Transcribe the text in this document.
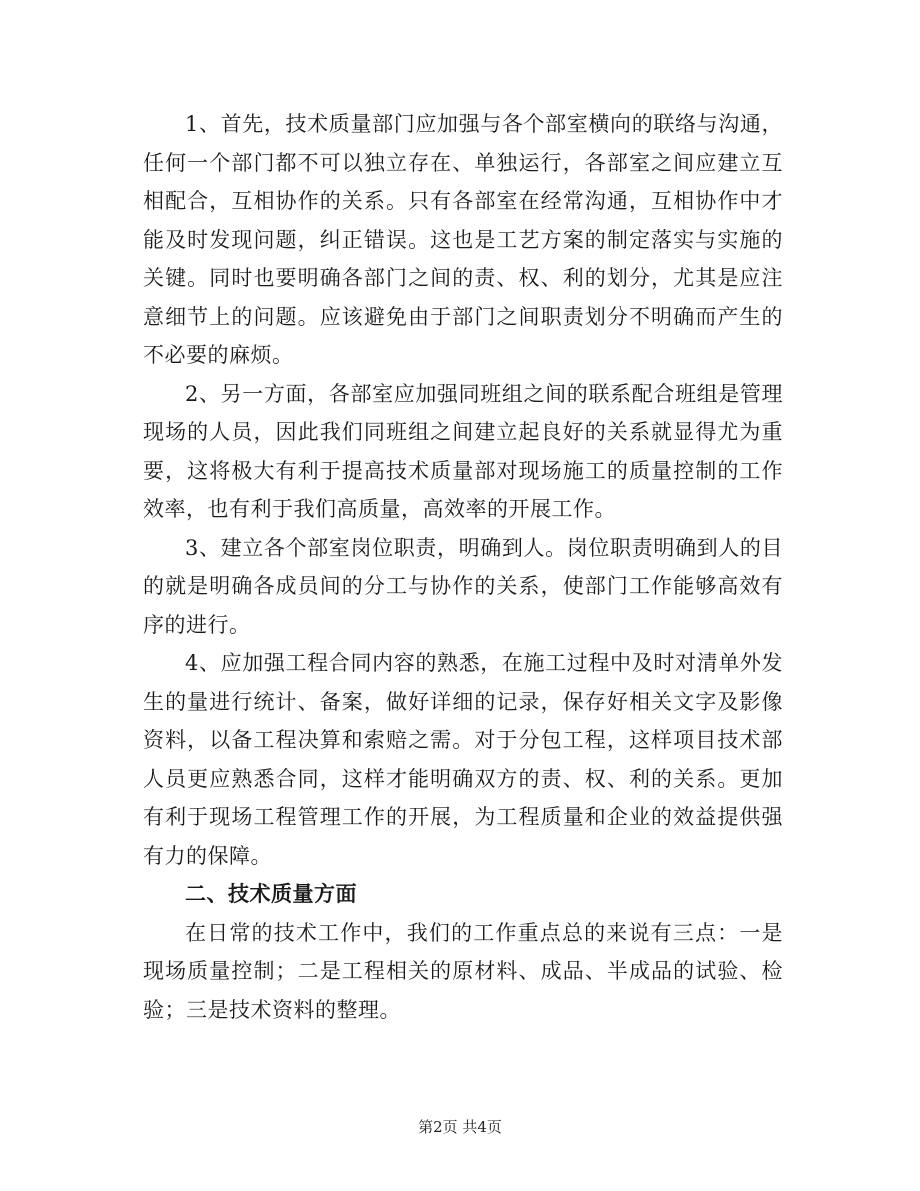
1、首先，技术质量部门应加强与各个部室横向的联络与沟通，任何一个部门都不可以独立存在、单独运行，各部室之间应建立互相配合，互相协作的关系。只有各部室在经常沟通，互相协作中才能及时发现问题，纠正错误。这也是工艺方案的制定落实与实施的关键。同时也要明确各部门之间的责、权、利的划分，尤其是应注意细节上的问题。应该避免由于部门之间职责划分不明确而产生的不必要的麻烦。

2、另一方面，各部室应加强同班组之间的联系配合班组是管理现场的人员，因此我们同班组之间建立起良好的关系就显得尤为重要，这将极大有利于提高技术质量部对现场施工的质量控制的工作效率，也有利于我们高质量，高效率的开展工作。

3、建立各个部室岗位职责，明确到人。岗位职责明确到人的目的就是明确各成员间的分工与协作的关系，使部门工作能够高效有序的进行。

4、应加强工程合同内容的熟悉，在施工过程中及时对清单外发生的量进行统计、备案，做好详细的记录，保存好相关文字及影像资料，以备工程决算和索赔之需。对于分包工程，这样项目技术部人员更应熟悉合同，这样才能明确双方的责、权、利的关系。更加有利于现场工程管理工作的开展，为工程质量和企业的效益提供强有力的保障。

二、技术质量方面

在日常的技术工作中，我们的工作重点总的来说有三点：一是现场质量控制；二是工程相关的原材料、成品、半成品的试验、检验；三是技术资料的整理。

第2页 共4页
